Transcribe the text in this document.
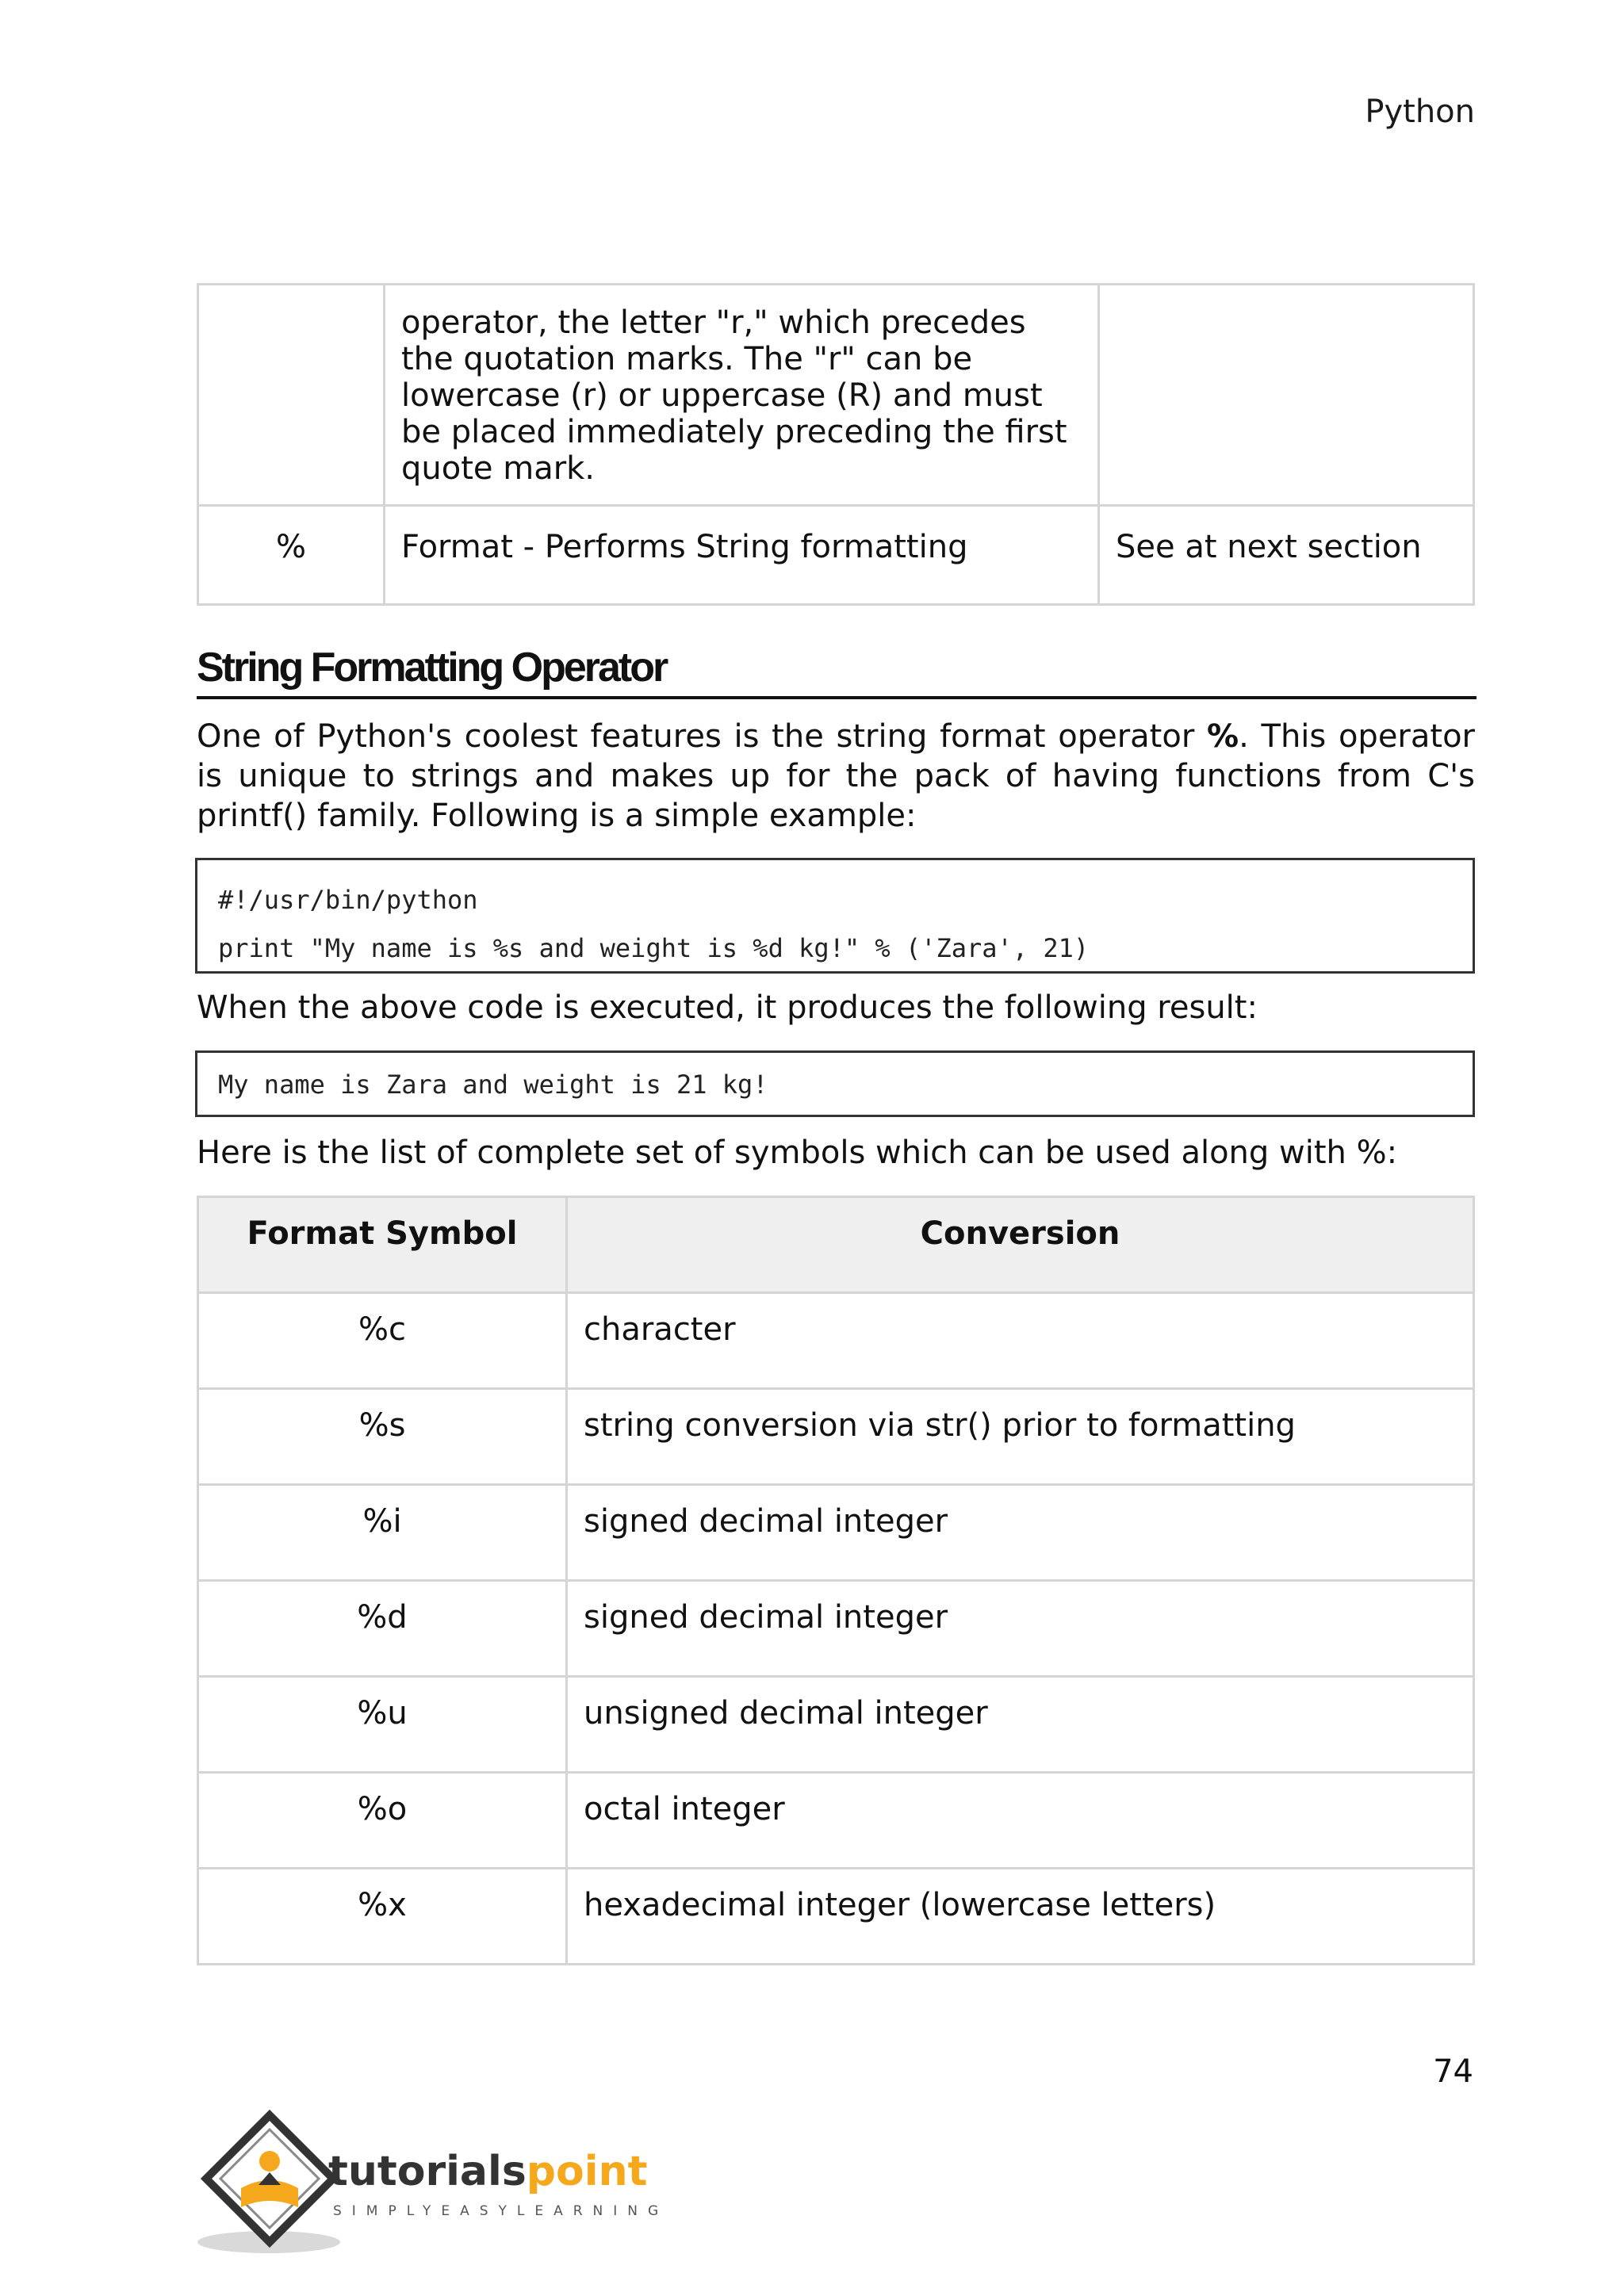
Python
	operator, the letter "r," which precedes the quotation marks. The "r" can be lowercase (r) or uppercase (R) and must be placed immediately preceding the first quote mark.	
%	Format - Performs String formatting	See at next section
String Formatting Operator

One of Python's coolest features is the string format operator %. This operator is unique to strings and makes up for the pack of having functions from C's printf() family. Following is a simple example:

#!/usr/bin/python
print "My name is %s and weight is %d kg!" % ('Zara', 21)

When the above code is executed, it produces the following result:

My name is Zara and weight is 21 kg!

Here is the list of complete set of symbols which can be used along with %:

Format Symbol	Conversion
%c	character
%s	string conversion via str() prior to formatting
%i	signed decimal integer
%d	signed decimal integer
%u	unsigned decimal integer
%o	octal integer
%x	hexadecimal integer (lowercase letters)
74
tutorialspoint
SIMPLYEASYLEARNING
